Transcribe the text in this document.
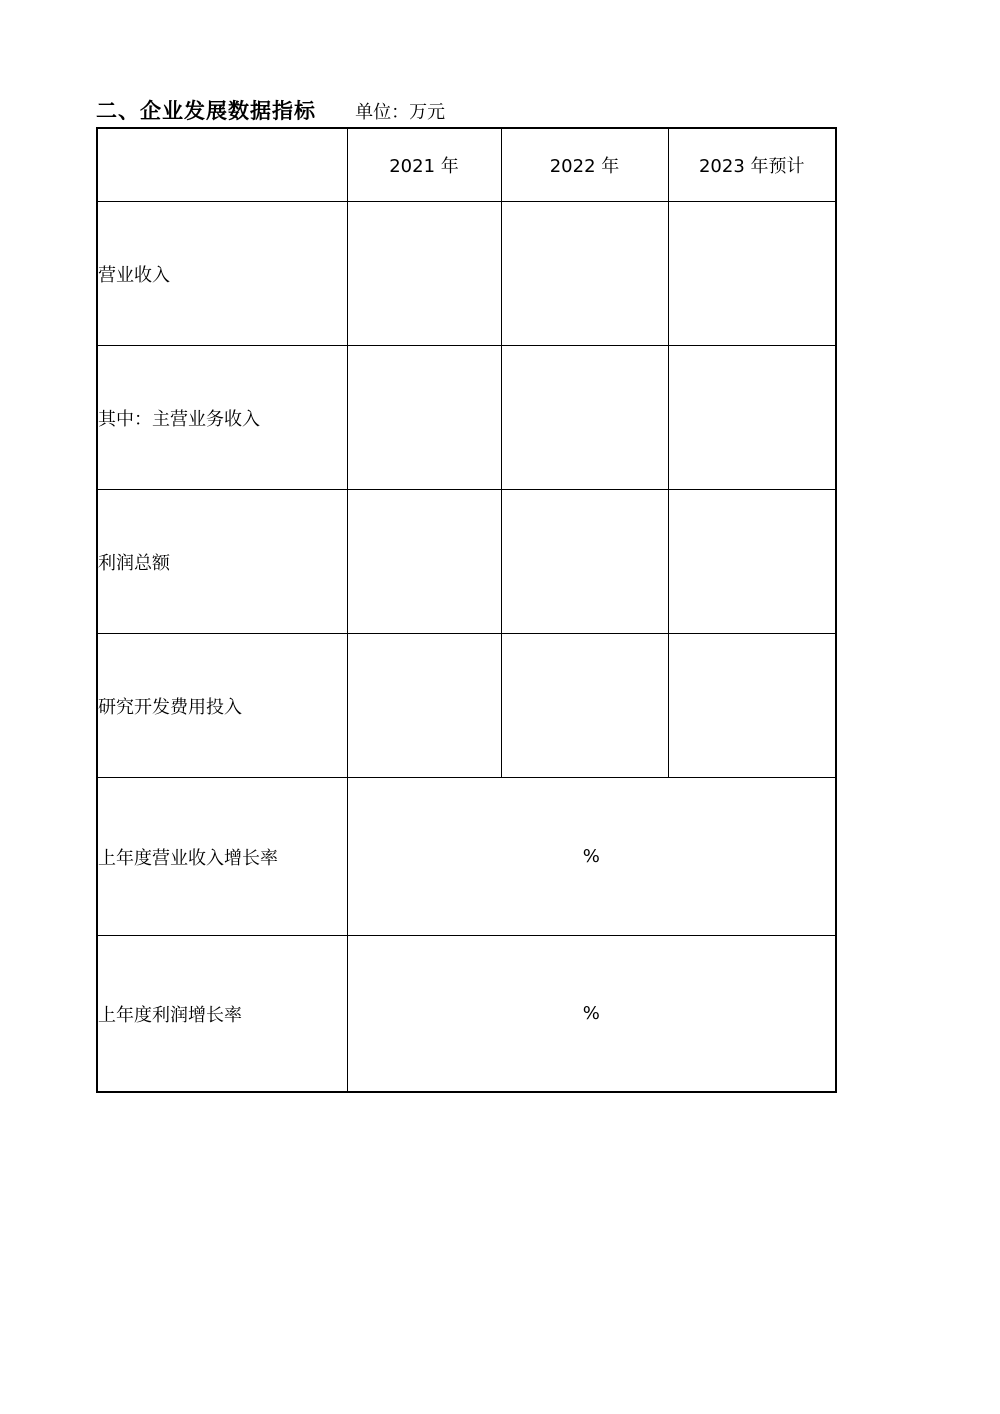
二、企业发展数据指标 单位：万元
	2021 年	2022 年	2023 年预计
营业收入			
其中：主营业务收入			
利润总额			
研究开发费用投入			
上年度营业收入增长率	%		
上年度利润增长率	%		
